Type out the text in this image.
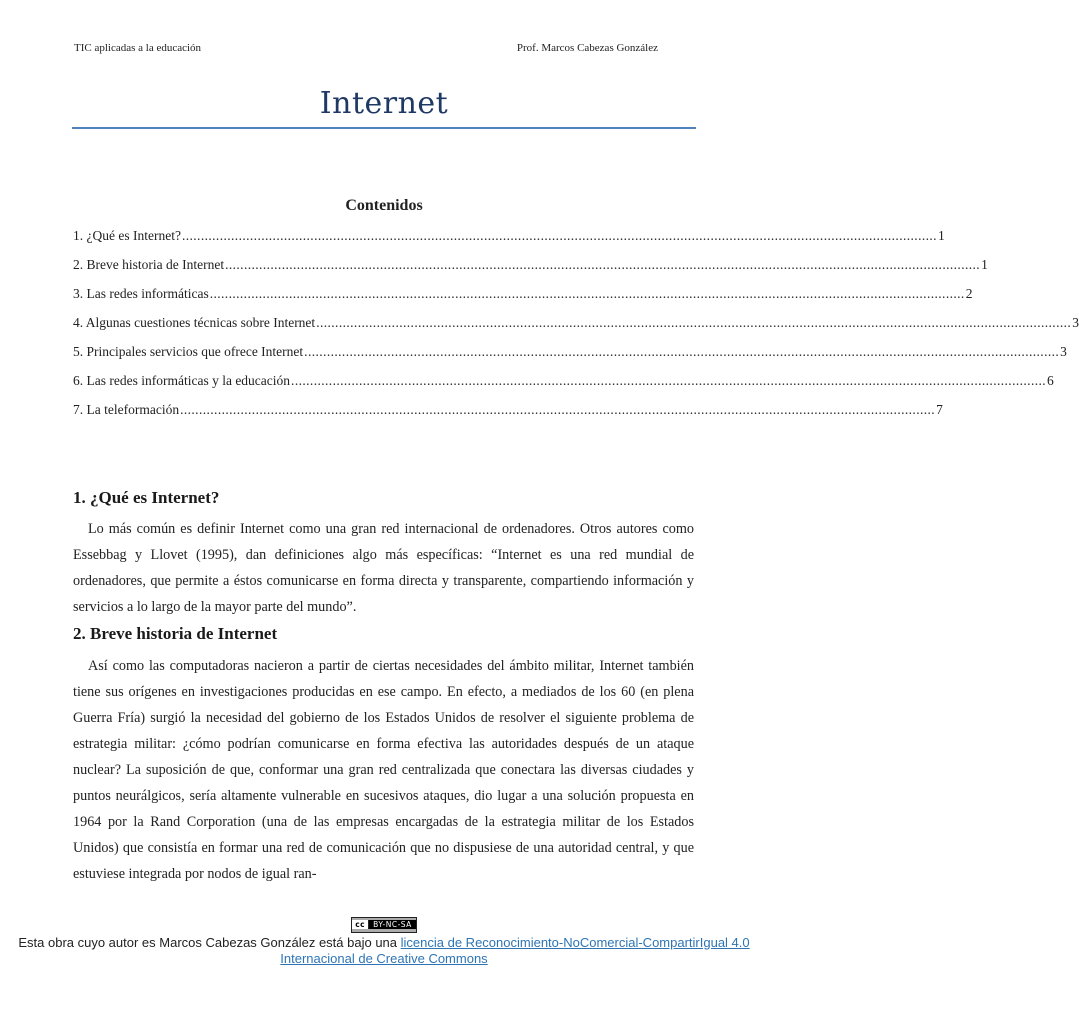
TIC aplicadas a la educación	Prof. Marcos Cabezas González
Internet
Contenidos
1. ¿Qué es Internet? ........................................................................................................................................................................................................ 1
2. Breve historia de Internet ........................................................................................................................................................................................................ 1
3. Las redes informáticas ........................................................................................................................................................................................................ 2
4. Algunas cuestiones técnicas sobre Internet ........................................................................................................................................................................................................ 3
5. Principales servicios que ofrece Internet ........................................................................................................................................................................................................ 3
6. Las redes informáticas y la educación ........................................................................................................................................................................................................ 6
7. La teleformación ........................................................................................................................................................................................................ 7
1. ¿Qué es Internet?

Lo más común es definir Internet como una gran red internacional de ordenadores. Otros autores como Essebbag y Llovet (1995), dan definiciones algo más específicas: “Internet es una red mundial de ordenadores, que permite a éstos comunicarse en forma directa y transparente, compartiendo información y servicios a lo largo de la mayor parte del mundo”.

2. Breve historia de Internet

Así como las computadoras nacieron a partir de ciertas necesidades del ámbito militar, Internet también tiene sus orígenes en investigaciones producidas en ese campo. En efecto, a mediados de los 60 (en plena Guerra Fría) surgió la necesidad del gobierno de los Estados Unidos de resolver el siguiente problema de estrategia militar: ¿cómo podrían comunicarse en forma efectiva las autoridades después de un ataque nuclear? La suposición de que, conformar una gran red centralizada que conectara las diversas ciudades y puntos neurálgicos, sería altamente vulnerable en sucesivos ataques, dio lugar a una solución propuesta en 1964 por la Rand Corporation (una de las empresas encargadas de la estrategia militar de los Estados Unidos) que consistía en formar una red de comunicación que no dispusiese de una autoridad central, y que estuviese integrada por nodos de igual ran-

cc	BY-NC-SA
Esta obra cuyo autor es Marcos Cabezas González está bajo una licencia de Reconocimiento-NoComercial-CompartirIgual 4.0 Internacional de Creative Commons
